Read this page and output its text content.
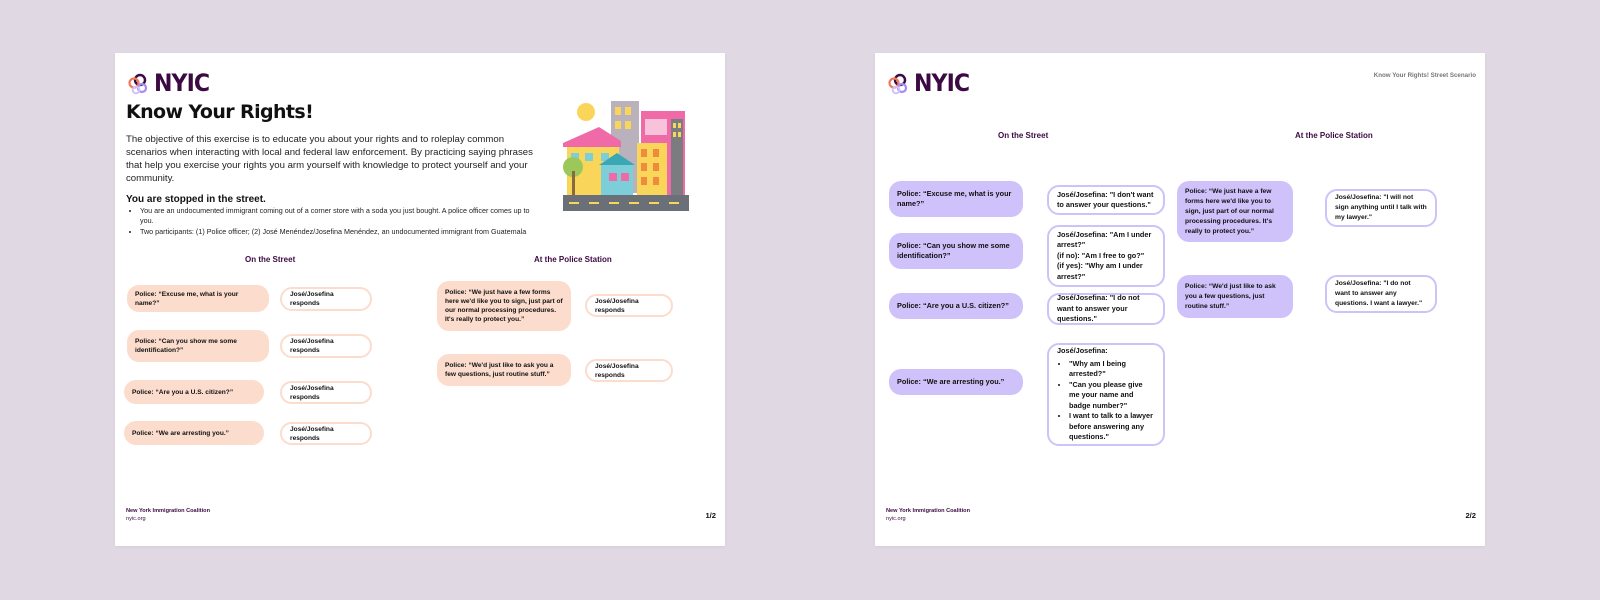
NYIC
Know Your Rights!

The objective of this exercise is to educate you about your rights and to roleplay common scenarios when interacting with local and federal law enforcement. By practicing saying phrases that help you exercise your rights you arm yourself with knowledge to protect yourself and your community.

You are stopped in the street.

• You are an undocumented immigrant coming out of a corner store with a soda you just bought. A police officer comes up to you.
• Two participants: (1) Police officer; (2) José Menéndez/Josefina Menéndez, an undocumented immigrant from Guatemala
On the Street	At the Police Station
Police: “Excuse me, what is your name?”
José/Josefina responds
Police: “Can you show me some identification?”
José/Josefina responds
Police: “Are you a U.S. citizen?”
José/Josefina responds
Police: “We are arresting you.”
José/Josefina responds
Police: “We just have a few forms here we'd like you to sign, just part of our normal processing procedures. It's really to protect you.”
José/Josefina responds
Police: “We'd just like to ask you a few questions, just routine stuff.”
José/Josefina responds

New York Immigration Coalition

nyic.org	1/2

NYIC	Know Your Rights! Street Scenario

On the Street	At the Police Station
Police: “Excuse me, what is your name?”
José/Josefina: "I don't want to answer your questions."
Police: “Can you show me some identification?”
José/Josefina: "Am I under arrest?"
(if no): "Am I free to go?"
(if yes): "Why am I under arrest?"
Police: “Are you a U.S. citizen?”
José/Josefina: "I do not want to answer your questions."
Police: “We are arresting you.”
José/Josefina:
• "Why am I being arrested?"
• "Can you please give me your name and badge number?"
• I want to talk to a lawyer before answering any questions."
Police: “We just have a few forms here we'd like you to sign, just part of our normal processing procedures. It's really to protect you.”
José/Josefina: "I will not sign anything until I talk with my lawyer."
Police: “We'd just like to ask you a few questions, just routine stuff.”
José/Josefina: "I do not want to answer any questions. I want a lawyer."

New York Immigration Coalition

nyic.org	2/2
